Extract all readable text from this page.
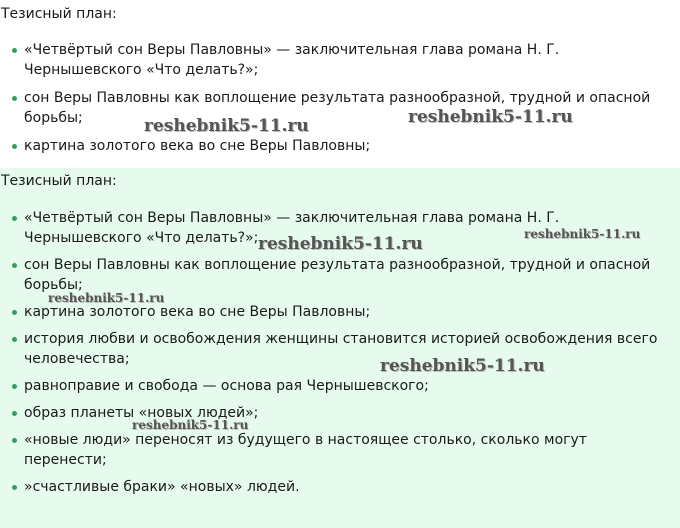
Тезисный план:
«Четвёртый сон Веры Павловны» — заключительная глава романа Н. Г. Чернышевского «Что делать?»;
сон Веры Павловны как воплощение результата разнообразной, трудной и опасной борьбы;
картина золотого века во сне Веры Павловны;
reshebnik5-11.ru	reshebnik5-11.ru
Тезисный план:
«Четвёртый сон Веры Павловны» — заключительная глава романа Н. Г. Чернышевского «Что делать?»;
сон Веры Павловны как воплощение результата разнообразной, трудной и опасной борьбы;
картина золотого века во сне Веры Павловны;
история любви и освобождения женщины становится историей освобождения всего человечества;
равноправие и свобода — основа рая Чернышевского;
образ планеты «новых людей»;
«новые люди» переносят из будущего в настоящее столько, сколько могут перенести;
»счастливые браки» «новых» людей.
reshebnik5-11.ru	reshebnik5-11.ru
reshebnik5-11.ru
reshebnik5-11.ru
reshebnik5-11.ru
